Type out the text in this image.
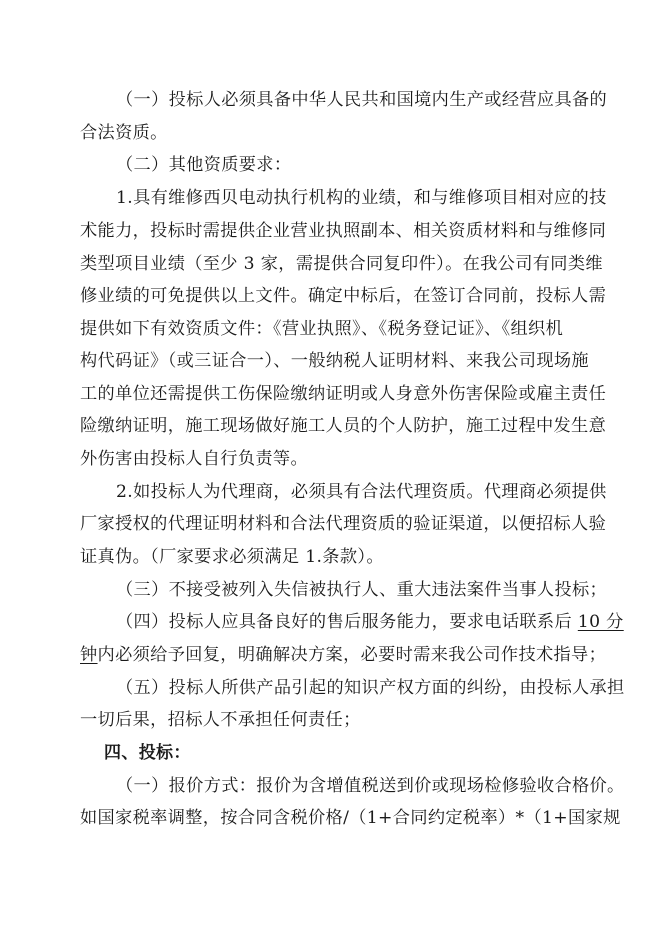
（一）投标人必须具备中华人民共和国境内生产或经营应具备的
合法资质。
（二）其他资质要求：
1.具有维修西贝电动执行机构的业绩，和与维修项目相对应的技
术能力，投标时需提供企业营业执照副本、相关资质材料和与维修同
类型项目业绩（至少 3 家，需提供合同复印件）。在我公司有同类维
修业绩的可免提供以上文件。确定中标后，在签订合同前，投标人需
提供如下有效资质文件：《营业执照》、《税务登记证》、《组织机
构代码证》（或三证合一）、一般纳税人证明材料、来我公司现场施
工的单位还需提供工伤保险缴纳证明或人身意外伤害保险或雇主责任
险缴纳证明，施工现场做好施工人员的个人防护，施工过程中发生意
外伤害由投标人自行负责等。
2.如投标人为代理商，必须具有合法代理资质。代理商必须提供
厂家授权的代理证明材料和合法代理资质的验证渠道，以便招标人验
证真伪。（厂家要求必须满足 1.条款）。
（三）不接受被列入失信被执行人、重大违法案件当事人投标；
（四）投标人应具备良好的售后服务能力，要求电话联系后 10 分
钟内必须给予回复，明确解决方案，必要时需来我公司作技术指导；
（五）投标人所供产品引起的知识产权方面的纠纷，由投标人承担
一切后果，招标人不承担任何责任；
四、投标：
（一）报价方式：报价为含增值税送到价或现场检修验收合格价。
如国家税率调整，按合同含税价格/（1+合同约定税率）*（1+国家规
